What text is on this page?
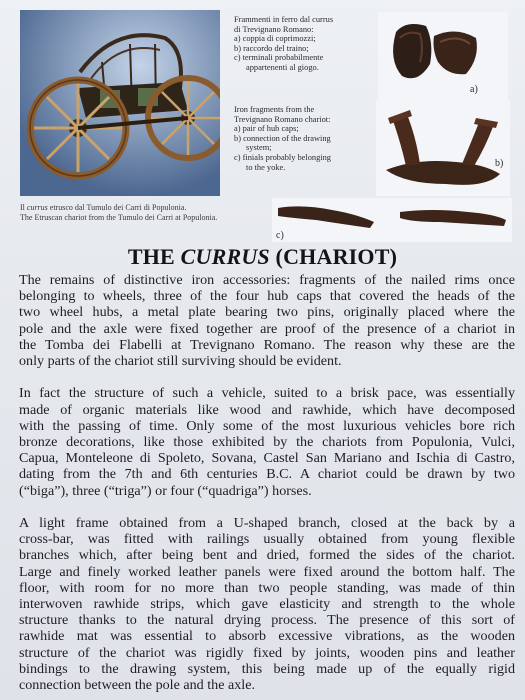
Il currus etrusco dal Tumulo dei Carri di Populonia.
The Etruscan chariot from the Tumulo dei Carri at Populonia.
Frammenti in ferro dal currus
di Trevignano Romano:
a) coppia di coprimozzi;
b) raccordo del traino;
c) terminali probabilmente
appartenenti al giogo.
Iron fragments from the
Trevignano Romano chariot:
a) pair of hub caps;
b) connection of the drawing
system;
c) finials probably belonging
to the yoke.
a)
b)
c)
THE CURRUS (CHARIOT)

The remains of distinctive iron accessories: fragments of the nailed rims once
belonging to wheels, three of the four hub caps that covered the heads of the
two wheel hubs, a metal plate bearing two pins, originally placed where the
pole and the axle were fixed together are proof of the presence of a chariot in
the Tomba dei Flabelli at Trevignano Romano. The reason why these are the
only parts of the chariot still surviving should be evident.

In fact the structure of such a vehicle, suited to a brisk pace, was essentially
made of organic materials like wood and rawhide, which have decomposed
with the passing of time. Only some of the most luxurious vehicles bore rich
bronze decorations, like those exhibited by the chariots from Populonia, Vulci,
Capua, Monteleone di Spoleto, Sovana, Castel San Mariano and Ischia di Castro,
dating from the 7th and 6th centuries B.C. A chariot could be drawn by two
(“biga”), three (“triga”) or four (“quadriga”) horses.

A light frame obtained from a U-shaped branch, closed at the back by a
cross-bar, was fitted with railings usually obtained from young flexible
branches which, after being bent and dried, formed the sides of the chariot.
Large and finely worked leather panels were fixed around the bottom half. The
floor, with room for no more than two people standing, was made of thin
interwoven rawhide strips, which gave elasticity and strength to the whole
structure thanks to the natural drying process. The presence of this sort of
rawhide mat was essential to absorb excessive vibrations, as the wooden
structure of the chariot was rigidly fixed by joints, wooden pins and leather
bindings to the drawing system, this being made up of the equally rigid
connection between the pole and the axle.
